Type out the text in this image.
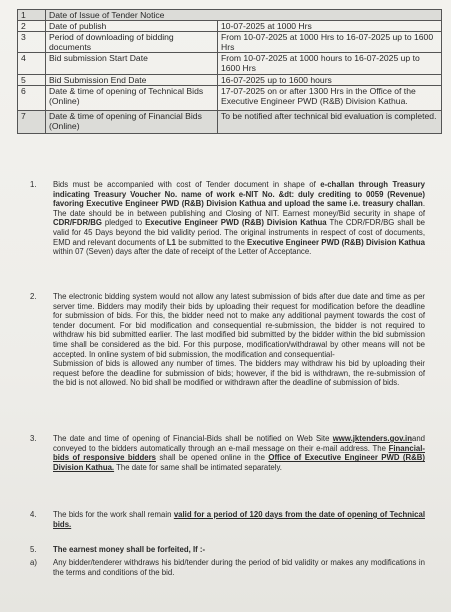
1	Date of Issue of Tender Notice	
2	Date of publish	10-07-2025 at 1000 Hrs
3	Period of downloading of bidding documents	From 10-07-2025 at 1000 Hrs to 16-07-2025 up to 1600 Hrs
4	Bid submission Start Date	From 10-07-2025 at 1000 hours to 16-07-2025 up to 1600 Hrs
5	Bid Submission End Date	16-07-2025 up to 1600 hours
6	Date & time of opening of Technical Bids (Online)	17-07-2025 on or after 1300 Hrs in the Office of the Executive Engineer PWD (R&B) Division Kathua.
7	Date & time of opening of Financial Bids (Online)	To be notified after technical bid evaluation is completed.
1. Bids must be accompanied with cost of Tender document in shape of e-challan through Treasury indicating Treasury Voucher No. name of work e-NIT No. &dt: duly crediting to 0059 (Revenue) favoring Executive Engineer PWD (R&B) Division Kathua and upload the same i.e. treasury challan. The date should be in between publishing and Closing of NIT. Earnest money/Bid security in shape of CDR/FDR/BG pledged to Executive Engineer PWD (R&B) Division Kathua The CDR/FDR/BG shall be valid for 45 Days beyond the bid validity period. The original instruments in respect of cost of documents, EMD and relevant documents of L1 be submitted to the Executive Engineer PWD (R&B) Division Kathua within 07 (Seven) days after the date of receipt of the Letter of Acceptance.
2. The electronic bidding system would not allow any latest submission of bids after due date and time as per server time. Bidders may modify their bids by uploading their request for modification before the deadline for submission of bids. For this, the bidder need not to make any additional payment towards the cost of tender document. For bid modification and consequential re-submission, the bidder is not required to withdraw his bid submitted earlier. The last modified bid submitted by the bidder within the bid submission time shall be considered as the bid. For this purpose, modification/withdrawal by other means will not be accepted. In online system of bid submission, the modification and consequential-
Submission of bids is allowed any number of times. The bidders may withdraw his bid by uploading their request before the deadline for submission of bids; however, if the bid is withdrawn, the re-submission of the bid is not allowed. No bid shall be modified or withdrawn after the deadline of submission of bids.
3. The date and time of opening of Financial-Bids shall be notified on Web Site www.jktenders.gov.inand conveyed to the bidders automatically through an e-mail message on their e-mail address. The Financial-bids of responsive bidders shall be opened online in the Office of Executive Engineer PWD (R&B) Division Kathua. The date for same shall be intimated separately.
4. The bids for the work shall remain valid for a period of 120 days from the date of opening of Technical bids.
5. The earnest money shall be forfeited, If :-
a) Any bidder/tenderer withdraws his bid/tender during the period of bid validity or makes any modifications in the terms and conditions of the bid.
